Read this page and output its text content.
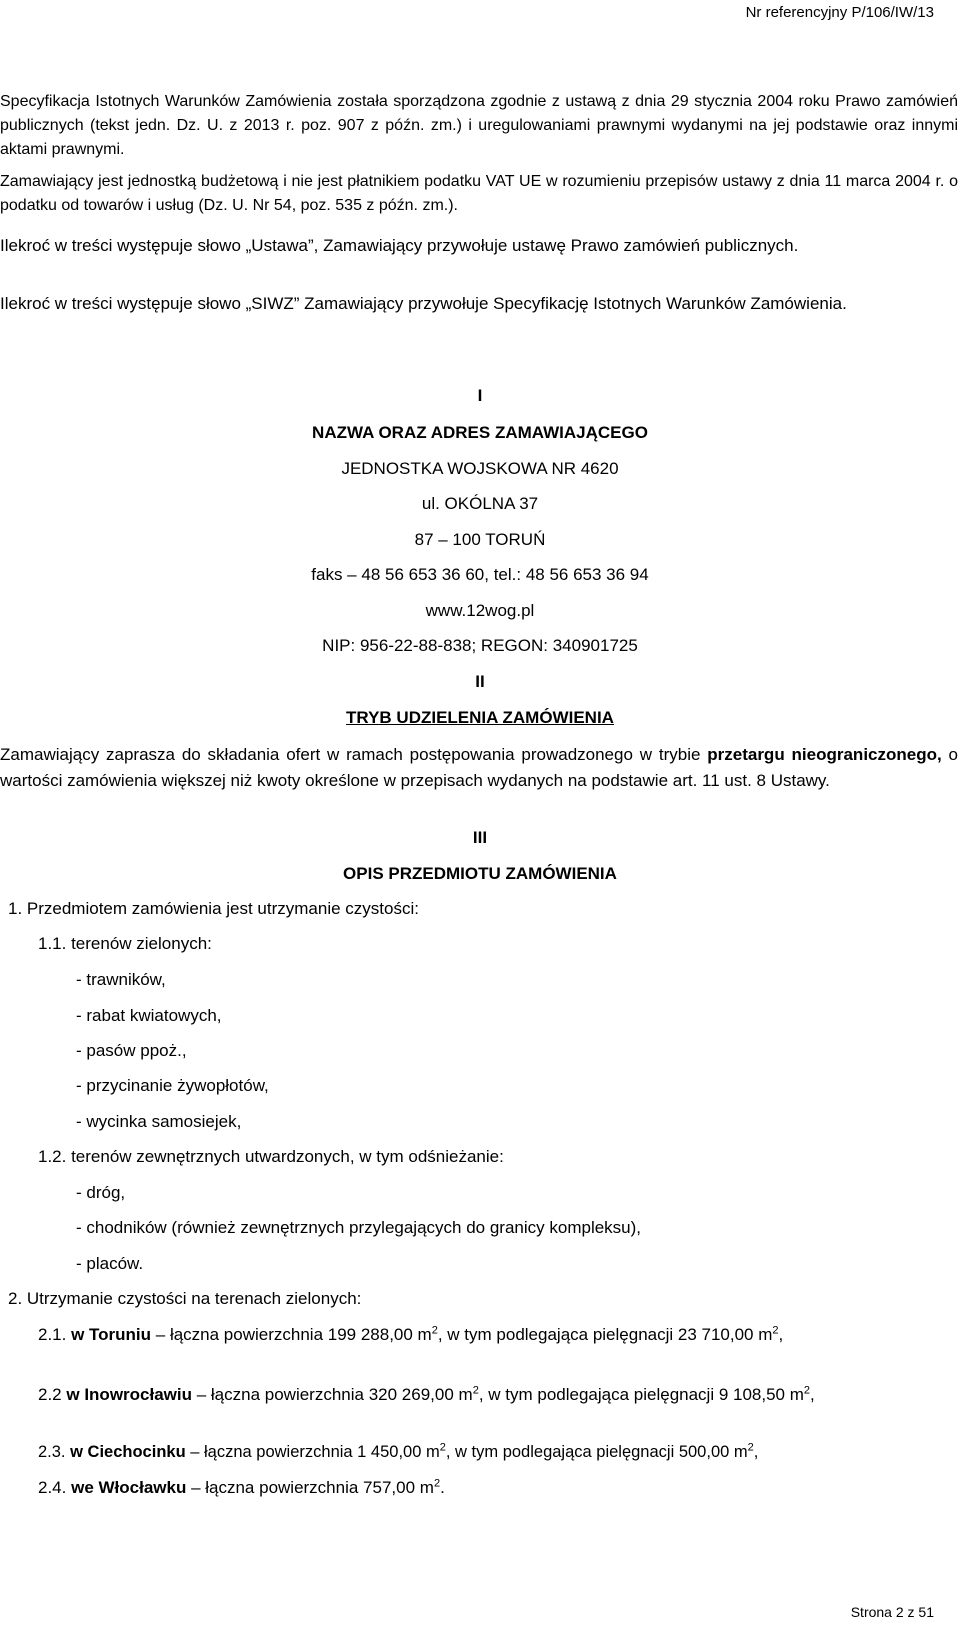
Nr referencyjny P/106/IW/13

Specyfikacja Istotnych Warunków Zamówienia została sporządzona zgodnie z ustawą z dnia 29 stycznia 2004 roku Prawo zamówień publicznych (tekst jedn. Dz. U. z 2013 r. poz. 907 z późn. zm.) i uregulowaniami prawnymi wydanymi na jej podstawie oraz innymi aktami prawnymi.

Zamawiający jest jednostką budżetową i nie jest płatnikiem podatku VAT UE w rozumieniu przepisów ustawy z dnia 11 marca 2004 r. o podatku od towarów i usług (Dz. U. Nr 54, poz. 535 z późn. zm.).

Ilekroć w treści występuje słowo „Ustawa”, Zamawiający przywołuje ustawę Prawo zamówień publicznych.

Ilekroć w treści występuje słowo „SIWZ” Zamawiający przywołuje Specyfikację Istotnych Warunków Zamówienia.

I

NAZWA ORAZ ADRES ZAMAWIAJĄCEGO

JEDNOSTKA WOJSKOWA NR 4620

ul. OKÓLNA 37

87 – 100 TORUŃ

faks – 48 56 653 36 60, tel.: 48 56 653 36 94

www.12wog.pl

NIP: 956-22-88-838; REGON: 340901725

II

TRYB UDZIELENIA ZAMÓWIENIA

Zamawiający zaprasza do składania ofert w ramach postępowania prowadzonego w trybie przetargu nieograniczonego, o wartości zamówienia większej niż kwoty określone w przepisach wydanych na podstawie art. 11 ust. 8 Ustawy.

III

OPIS PRZEDMIOTU ZAMÓWIENIA

1. Przedmiotem zamówienia jest utrzymanie czystości:

1.1. terenów zielonych:

- trawników,

- rabat kwiatowych,

- pasów ppoż.,

- przycinanie żywopłotów,

- wycinka samosiejek,

1.2. terenów zewnętrznych utwardzonych, w tym odśnieżanie:

- dróg,

- chodników (również zewnętrznych przylegających do granicy kompleksu),

- placów.

2. Utrzymanie czystości na terenach zielonych:

2.1. w Toruniu – łączna powierzchnia 199 288,00 $m^2$, w tym podlegająca pielęgnacji 23 710,00 $m^2$,

2.2 w Inowrocławiu – łączna powierzchnia 320 269,00 $m^2$, w tym podlegająca pielęgnacji 9 108,50 $m^2$,

2.3. w Ciechocinku – łączna powierzchnia 1 450,00 $m^2$, w tym podlegająca pielęgnacji 500,00 $m^2$,

2.4. we Włocławku – łączna powierzchnia 757,00 $m^2$.

Strona 2 z 51
